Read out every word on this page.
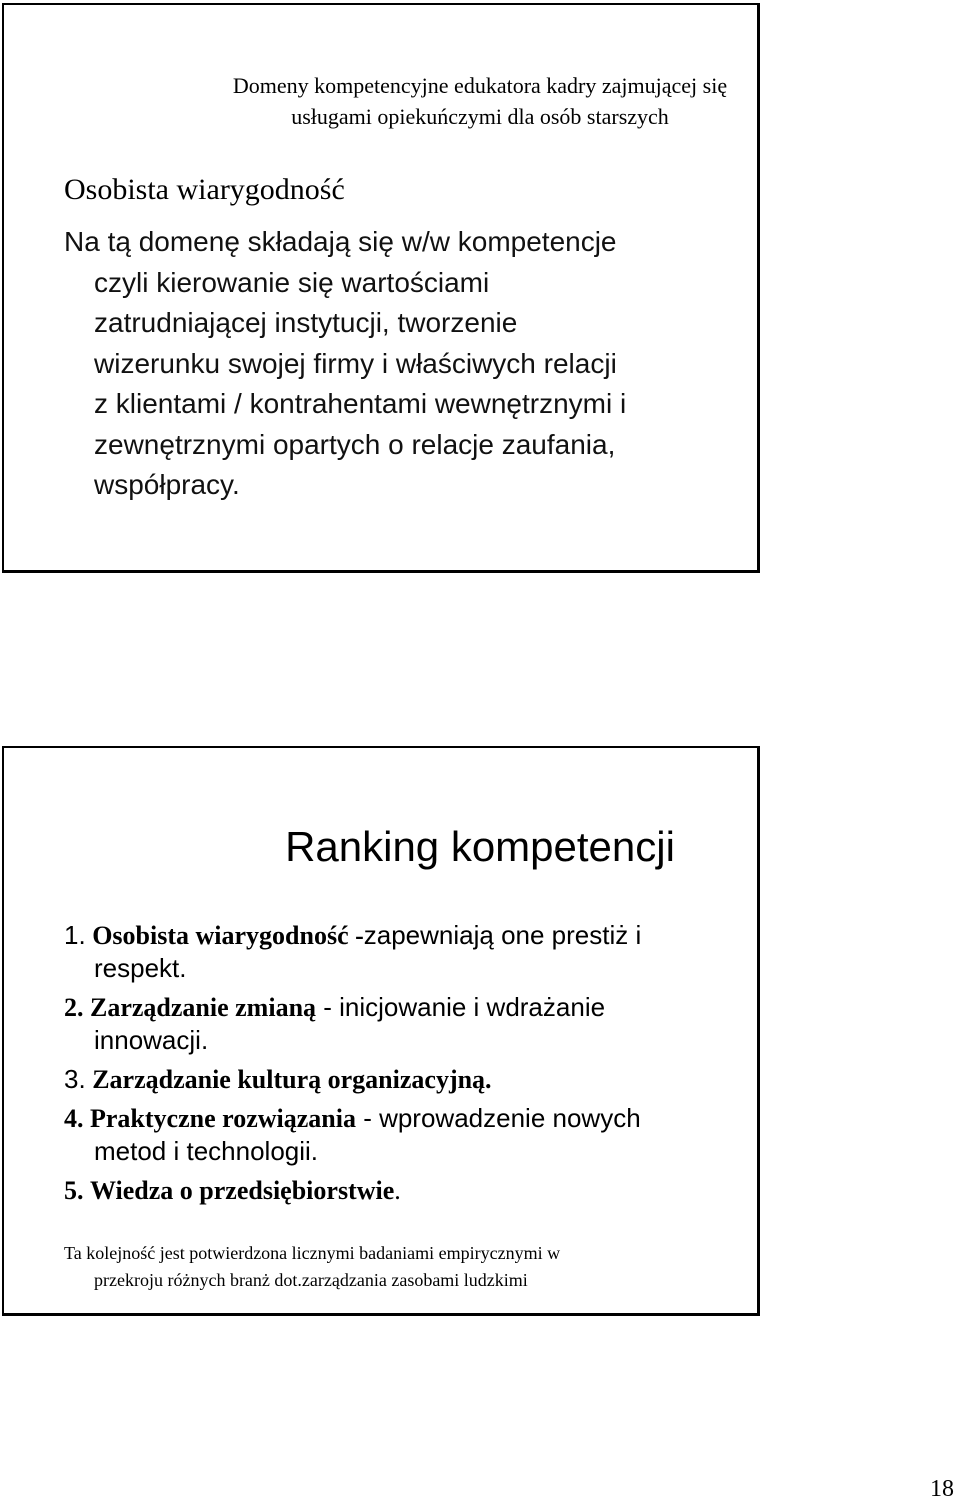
Domeny kompetencyjne edukatora kadry zajmującej się
usługami opiekuńczymi dla osób starszych
Osobista wiarygodność
Na tą domenę składają się w/w kompetencje
czyli kierowanie się wartościami
zatrudniającej instytucji, tworzenie
wizerunku swojej firmy i właściwych relacji
z klientami / kontrahentami wewnętrznymi i
zewnętrznymi opartych o relacje zaufania,
współpracy.
Ranking kompetencji
1. Osobista wiarygodność -zapewniają one prestiż i
respekt.
2. Zarządzanie zmianą - inicjowanie i wdrażanie
innowacji.
3. Zarządzanie kulturą organizacyjną.
4. Praktyczne rozwiązania - wprowadzenie nowych
metod i technologii.
5. Wiedza o przedsiębiorstwie.
Ta kolejność jest potwierdzona licznymi badaniami empirycznymi w
przekroju różnych branż dot.zarządzania zasobami ludzkimi
18
